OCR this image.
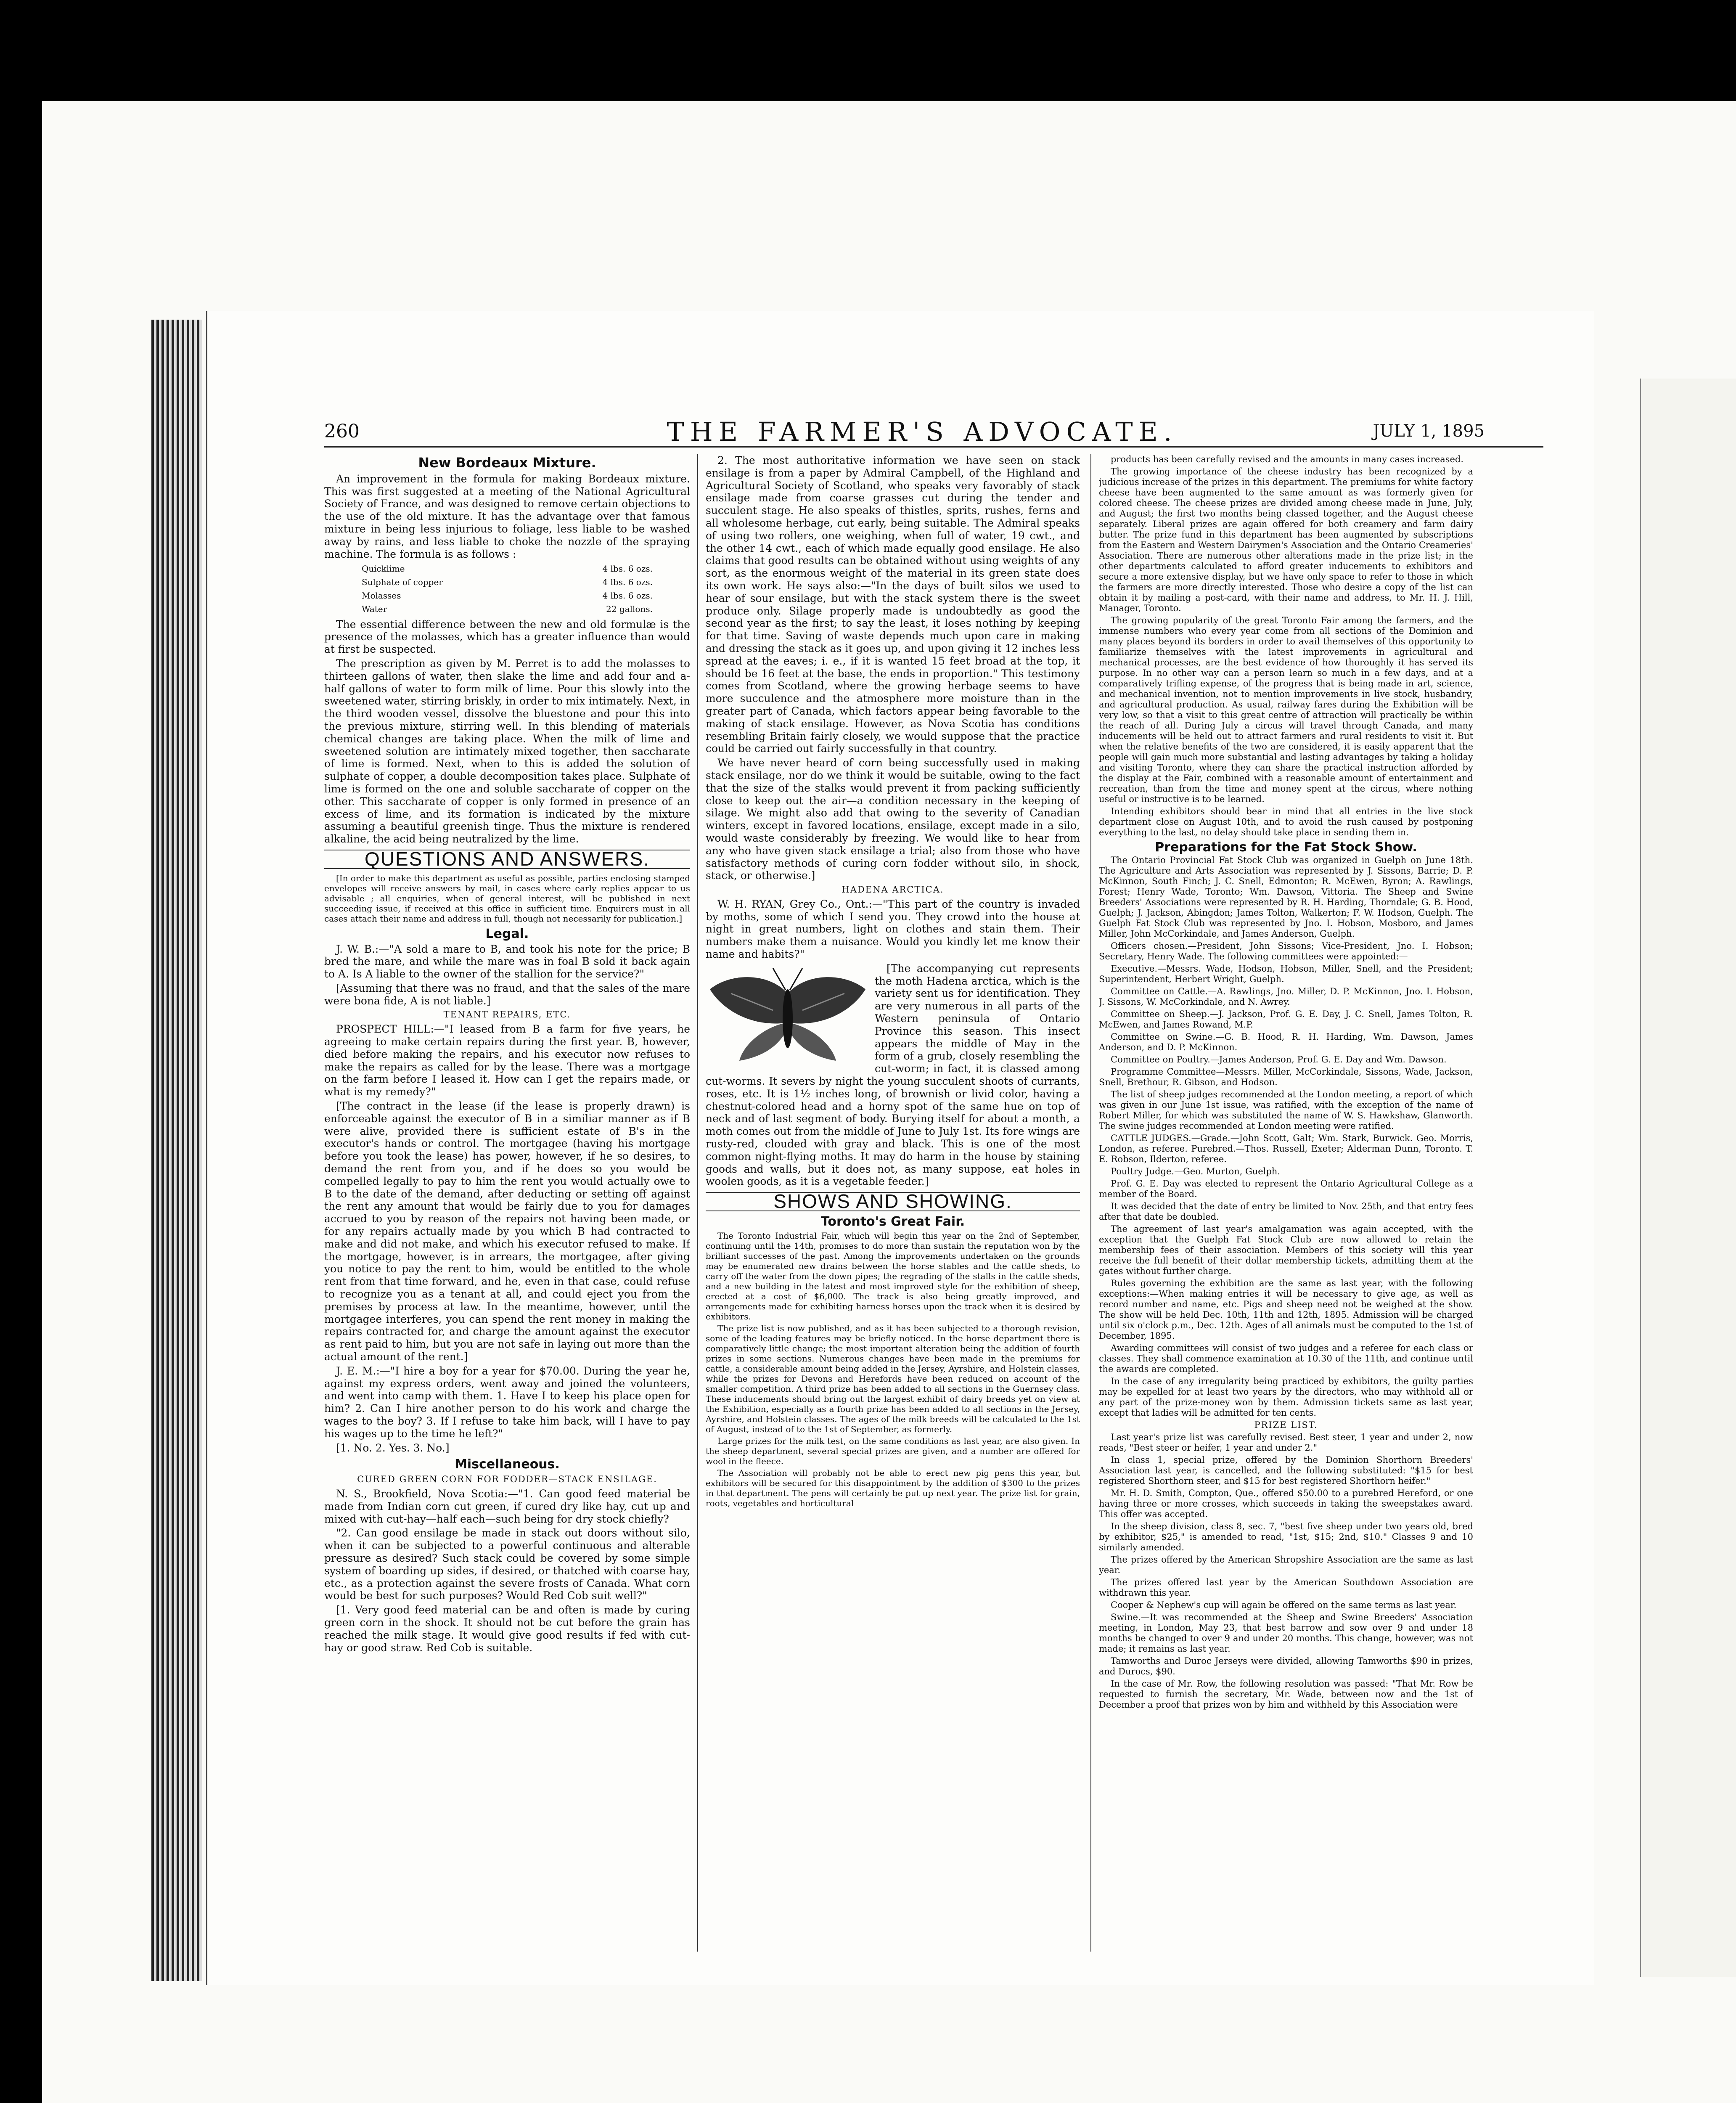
260	THE FARMER'S ADVOCATE.	JULY 1, 1895
New Bordeaux Mixture.

An improvement in the formula for making Bordeaux mixture. This was first suggested at a meeting of the National Agricultural Society of France, and was designed to remove certain objections to the use of the old mixture. It has the advantage over that famous mixture in being less injurious to foliage, less liable to be washed away by rains, and less liable to choke the nozzle of the spraying machine. The formula is as follows :

Quicklime	4 lbs. 6 ozs.
Sulphate of copper	4 lbs. 6 ozs.
Molasses	4 lbs. 6 ozs.
Water	22 gallons.

The essential difference between the new and old formulæ is the presence of the molasses, which has a greater influence than would at first be suspected.

The prescription as given by M. Perret is to add the molasses to thirteen gallons of water, then slake the lime and add four and a-half gallons of water to form milk of lime. Pour this slowly into the sweetened water, stirring briskly, in order to mix intimately. Next, in the third wooden vessel, dissolve the bluestone and pour this into the previous mixture, stirring well. In this blending of materials chemical changes are taking place. When the milk of lime and sweetened solution are intimately mixed together, then saccharate of lime is formed. Next, when to this is added the solution of sulphate of copper, a double decomposition takes place. Sulphate of lime is formed on the one and soluble saccharate of copper on the other. This saccharate of copper is only formed in presence of an excess of lime, and its formation is indicated by the mixture assuming a beautiful greenish tinge. Thus the mixture is rendered alkaline, the acid being neutralized by the lime.

QUESTIONS AND ANSWERS.

[In order to make this department as useful as possible, parties enclosing stamped envelopes will receive answers by mail, in cases where early replies appear to us advisable ; all enquiries, when of general interest, will be published in next succeeding issue, if received at this office in sufficient time. Enquirers must in all cases attach their name and address in full, though not necessarily for publication.]

Legal.

J. W. B.:—"A sold a mare to B, and took his note for the price; B bred the mare, and while the mare was in foal B sold it back again to A. Is A liable to the owner of the stallion for the service?"

[Assuming that there was no fraud, and that the sales of the mare were bona fide, A is not liable.]

TENANT REPAIRS, ETC.

PROSPECT HILL:—"I leased from B a farm for five years, he agreeing to make certain repairs during the first year. B, however, died before making the repairs, and his executor now refuses to make the repairs as called for by the lease. There was a mortgage on the farm before I leased it. How can I get the repairs made, or what is my remedy?"

[The contract in the lease (if the lease is properly drawn) is enforceable against the executor of B in a similiar manner as if B were alive, provided there is sufficient estate of B's in the executor's hands or control. The mortgagee (having his mortgage before you took the lease) has power, however, if he so desires, to demand the rent from you, and if he does so you would be compelled legally to pay to him the rent you would actually owe to B to the date of the demand, after deducting or setting off against the rent any amount that would be fairly due to you for damages accrued to you by reason of the repairs not having been made, or for any repairs actually made by you which B had contracted to make and did not make, and which his executor refused to make. If the mortgage, however, is in arrears, the mortgagee, after giving you notice to pay the rent to him, would be entitled to the whole rent from that time forward, and he, even in that case, could refuse to recognize you as a tenant at all, and could eject you from the premises by process at law. In the meantime, however, until the mortgagee interferes, you can spend the rent money in making the repairs contracted for, and charge the amount against the executor as rent paid to him, but you are not safe in laying out more than the actual amount of the rent.]

J. E. M.:—"I hire a boy for a year for $70.00. During the year he, against my express orders, went away and joined the volunteers, and went into camp with them. 1. Have I to keep his place open for him? 2. Can I hire another person to do his work and charge the wages to the boy? 3. If I refuse to take him back, will I have to pay his wages up to the time he left?"

[1. No. 2. Yes. 3. No.]

Miscellaneous.
CURED GREEN CORN FOR FODDER—STACK ENSILAGE.

N. S., Brookfield, Nova Scotia:—"1. Can good feed material be made from Indian corn cut green, if cured dry like hay, cut up and mixed with cut-hay—half each—such being for dry stock chiefly?

"2. Can good ensilage be made in stack out doors without silo, when it can be subjected to a powerful continuous and alterable pressure as desired? Such stack could be covered by some simple system of boarding up sides, if desired, or thatched with coarse hay, etc., as a protection against the severe frosts of Canada. What corn would be best for such purposes? Would Red Cob suit well?"

[1. Very good feed material can be and often is made by curing green corn in the shock. It should not be cut before the grain has reached the milk stage. It would give good results if fed with cut-hay or good straw. Red Cob is suitable.

2. The most authoritative information we have seen on stack ensilage is from a paper by Admiral Campbell, of the Highland and Agricultural Society of Scotland, who speaks very favorably of stack ensilage made from coarse grasses cut during the tender and succulent stage. He also speaks of thistles, sprits, rushes, ferns and all wholesome herbage, cut early, being suitable. The Admiral speaks of using two rollers, one weighing, when full of water, 19 cwt., and the other 14 cwt., each of which made equally good ensilage. He also claims that good results can be obtained without using weights of any sort, as the enormous weight of the material in its green state does its own work. He says also:—"In the days of built silos we used to hear of sour ensilage, but with the stack system there is the sweet produce only. Silage properly made is undoubtedly as good the second year as the first; to say the least, it loses nothing by keeping for that time. Saving of waste depends much upon care in making and dressing the stack as it goes up, and upon giving it 12 inches less spread at the eaves; i. e., if it is wanted 15 feet broad at the top, it should be 16 feet at the base, the ends in proportion." This testimony comes from Scotland, where the growing herbage seems to have more succulence and the atmosphere more moisture than in the greater part of Canada, which factors appear being favorable to the making of stack ensilage. However, as Nova Scotia has conditions resembling Britain fairly closely, we would suppose that the practice could be carried out fairly successfully in that country.

We have never heard of corn being successfully used in making stack ensilage, nor do we think it would be suitable, owing to the fact that the size of the stalks would prevent it from packing sufficiently close to keep out the air—a condition necessary in the keeping of silage. We might also add that owing to the severity of Canadian winters, except in favored locations, ensilage, except made in a silo, would waste considerably by freezing. We would like to hear from any who have given stack ensilage a trial; also from those who have satisfactory methods of curing corn fodder without silo, in shock, stack, or otherwise.]

HADENA ARCTICA.

W. H. RYAN, Grey Co., Ont.:—"This part of the country is invaded by moths, some of which I send you. They crowd into the house at night in great numbers, light on clothes and stain them. Their numbers make them a nuisance. Would you kindly let me know their name and habits?"

[The accompanying cut represents the moth Hadena arctica, which is the variety sent us for identification. They are very numerous in all parts of the Western peninsula of Ontario Province this season. This insect appears the middle of May in the form of a grub, closely resembling the cut-worm; in fact, it is classed among cut-worms. It severs by night the young succulent shoots of currants, roses, etc. It is 1½ inches long, of brownish or livid color, having a chestnut-colored head and a horny spot of the same hue on top of neck and of last segment of body. Burying itself for about a month, a moth comes out from the middle of June to July 1st. Its fore wings are rusty-red, clouded with gray and black. This is one of the most common night-flying moths. It may do harm in the house by staining goods and walls, but it does not, as many suppose, eat holes in woolen goods, as it is a vegetable feeder.]

SHOWS AND SHOWING.
Toronto's Great Fair.

The Toronto Industrial Fair, which will begin this year on the 2nd of September, continuing until the 14th, promises to do more than sustain the reputation won by the brilliant successes of the past. Among the improvements undertaken on the grounds may be enumerated new drains between the horse stables and the cattle sheds, to carry off the water from the down pipes; the regrading of the stalls in the cattle sheds, and a new building in the latest and most improved style for the exhibition of sheep, erected at a cost of $6,000. The track is also being greatly improved, and arrangements made for exhibiting harness horses upon the track when it is desired by exhibitors.

The prize list is now published, and as it has been subjected to a thorough revision, some of the leading features may be briefly noticed. In the horse department there is comparatively little change; the most important alteration being the addition of fourth prizes in some sections. Numerous changes have been made in the premiums for cattle, a considerable amount being added in the Jersey, Ayrshire, and Holstein classes, while the prizes for Devons and Herefords have been reduced on account of the smaller competition. A third prize has been added to all sections in the Guernsey class. These inducements should bring out the largest exhibit of dairy breeds yet on view at the Exhibition, especially as a fourth prize has been added to all sections in the Jersey, Ayrshire, and Holstein classes. The ages of the milk breeds will be calculated to the 1st of August, instead of to the 1st of September, as formerly.

Large prizes for the milk test, on the same conditions as last year, are also given. In the sheep department, several special prizes are given, and a number are offered for wool in the fleece.

The Association will probably not be able to erect new pig pens this year, but exhibitors will be secured for this disappointment by the addition of $300 to the prizes in that department. The pens will certainly be put up next year. The prize list for grain, roots, vegetables and horticultural

products has been carefully revised and the amounts in many cases increased.

The growing importance of the cheese industry has been recognized by a judicious increase of the prizes in this department. The premiums for white factory cheese have been augmented to the same amount as was formerly given for colored cheese. The cheese prizes are divided among cheese made in June, July, and August; the first two months being classed together, and the August cheese separately. Liberal prizes are again offered for both creamery and farm dairy butter. The prize fund in this department has been augmented by subscriptions from the Eastern and Western Dairymen's Association and the Ontario Creameries' Association. There are numerous other alterations made in the prize list; in the other departments calculated to afford greater inducements to exhibitors and secure a more extensive display, but we have only space to refer to those in which the farmers are more directly interested. Those who desire a copy of the list can obtain it by mailing a post-card, with their name and address, to Mr. H. J. Hill, Manager, Toronto.

The growing popularity of the great Toronto Fair among the farmers, and the immense numbers who every year come from all sections of the Dominion and many places beyond its borders in order to avail themselves of this opportunity to familiarize themselves with the latest improvements in agricultural and mechanical processes, are the best evidence of how thoroughly it has served its purpose. In no other way can a person learn so much in a few days, and at a comparatively trifling expense, of the progress that is being made in art, science, and mechanical invention, not to mention improvements in live stock, husbandry, and agricultural production. As usual, railway fares during the Exhibition will be very low, so that a visit to this great centre of attraction will practically be within the reach of all. During July a circus will travel through Canada, and many inducements will be held out to attract farmers and rural residents to visit it. But when the relative benefits of the two are considered, it is easily apparent that the people will gain much more substantial and lasting advantages by taking a holiday and visiting Toronto, where they can share the practical instruction afforded by the display at the Fair, combined with a reasonable amount of entertainment and recreation, than from the time and money spent at the circus, where nothing useful or instructive is to be learned.

Intending exhibitors should bear in mind that all entries in the live stock department close on August 10th, and to avoid the rush caused by postponing everything to the last, no delay should take place in sending them in.

Preparations for the Fat Stock Show.

The Ontario Provincial Fat Stock Club was organized in Guelph on June 18th. The Agriculture and Arts Association was represented by J. Sissons, Barrie; D. P. McKinnon, South Finch; J. C. Snell, Edmonton; R. McEwen, Byron; A. Rawlings, Forest; Henry Wade, Toronto; Wm. Dawson, Vittoria. The Sheep and Swine Breeders' Associations were represented by R. H. Harding, Thorndale; G. B. Hood, Guelph; J. Jackson, Abingdon; James Tolton, Walkerton; F. W. Hodson, Guelph. The Guelph Fat Stock Club was represented by Jno. I. Hobson, Mosboro, and James Miller, John McCorkindale, and James Anderson, Guelph.

Officers chosen.—President, John Sissons; Vice-President, Jno. I. Hobson; Secretary, Henry Wade. The following committees were appointed:—

Executive.—Messrs. Wade, Hodson, Hobson, Miller, Snell, and the President; Superintendent, Herbert Wright, Guelph.

Committee on Cattle.—A. Rawlings, Jno. Miller, D. P. McKinnon, Jno. I. Hobson, J. Sissons, W. McCorkindale, and N. Awrey.

Committee on Sheep.—J. Jackson, Prof. G. E. Day, J. C. Snell, James Tolton, R. McEwen, and James Rowand, M.P.

Committee on Swine.—G. B. Hood, R. H. Harding, Wm. Dawson, James Anderson, and D. P. McKinnon.

Committee on Poultry.—James Anderson, Prof. G. E. Day and Wm. Dawson.

Programme Committee—Messrs. Miller, McCorkindale, Sissons, Wade, Jackson, Snell, Brethour, R. Gibson, and Hodson.

The list of sheep judges recommended at the London meeting, a report of which was given in our June 1st issue, was ratified, with the exception of the name of Robert Miller, for which was substituted the name of W. S. Hawkshaw, Glanworth. The swine judges recommended at London meeting were ratified.

CATTLE JUDGES.—Grade.—John Scott, Galt; Wm. Stark, Burwick. Geo. Morris, London, as referee. Purebred.—Thos. Russell, Exeter; Alderman Dunn, Toronto. T. E. Robson, Ilderton, referee.

Poultry Judge.—Geo. Murton, Guelph.

Prof. G. E. Day was elected to represent the Ontario Agricultural College as a member of the Board.

It was decided that the date of entry be limited to Nov. 25th, and that entry fees after that date be doubled.

The agreement of last year's amalgamation was again accepted, with the exception that the Guelph Fat Stock Club are now allowed to retain the membership fees of their association. Members of this society will this year receive the full benefit of their dollar membership tickets, admitting them at the gates without further charge.

Rules governing the exhibition are the same as last year, with the following exceptions:—When making entries it will be necessary to give age, as well as record number and name, etc. Pigs and sheep need not be weighed at the show. The show will be held Dec. 10th, 11th and 12th, 1895. Admission will be charged until six o'clock p.m., Dec. 12th. Ages of all animals must be computed to the 1st of December, 1895.

Awarding committees will consist of two judges and a referee for each class or classes. They shall commence examination at 10.30 of the 11th, and continue until the awards are completed.

In the case of any irregularity being practiced by exhibitors, the guilty parties may be expelled for at least two years by the directors, who may withhold all or any part of the prize-money won by them. Admission tickets same as last year, except that ladies will be admitted for ten cents.

PRIZE LIST.

Last year's prize list was carefully revised. Best steer, 1 year and under 2, now reads, "Best steer or heifer, 1 year and under 2."

In class 1, special prize, offered by the Dominion Shorthorn Breeders' Association last year, is cancelled, and the following substituted: "$15 for best registered Shorthorn steer, and $15 for best registered Shorthorn heifer."

Mr. H. D. Smith, Compton, Que., offered $50.00 to a purebred Hereford, or one having three or more crosses, which succeeds in taking the sweepstakes award. This offer was accepted.

In the sheep division, class 8, sec. 7, "best five sheep under two years old, bred by exhibitor, $25," is amended to read, "1st, $15; 2nd, $10." Classes 9 and 10 similarly amended.

The prizes offered by the American Shropshire Association are the same as last year.

The prizes offered last year by the American Southdown Association are withdrawn this year.

Cooper & Nephew's cup will again be offered on the same terms as last year.

Swine.—It was recommended at the Sheep and Swine Breeders' Association meeting, in London, May 23, that best barrow and sow over 9 and under 18 months be changed to over 9 and under 20 months. This change, however, was not made; it remains as last year.

Tamworths and Duroc Jerseys were divided, allowing Tamworths $90 in prizes, and Durocs, $90.

In the case of Mr. Row, the following resolution was passed: "That Mr. Row be requested to furnish the secretary, Mr. Wade, between now and the 1st of December a proof that prizes won by him and withheld by this Association were
